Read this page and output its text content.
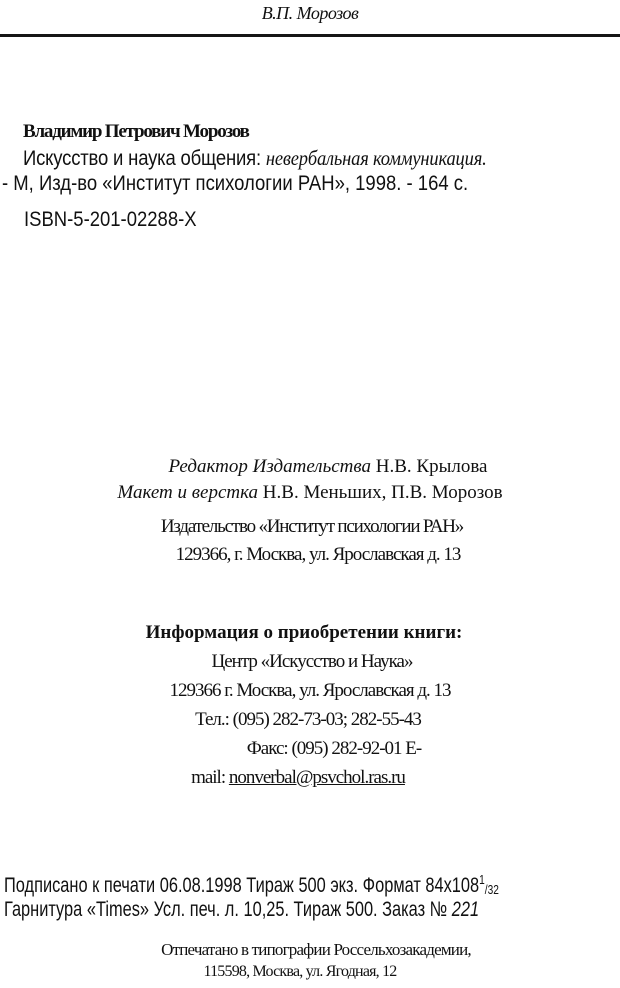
В.П. Морозов
Владимир Петрович Морозов
Искусство и наука общения: невербальная коммуникация.
- М, Изд-во «Институт психологии РАН», 1998. - 164 с.
ISBN-5-201-02288-X
Редактор Издательства Н.В. Крылова
Макет и верстка Н.В. Меньших, П.В. Морозов
Издательство «Институт психологии РАН»
129366, г. Москва, ул. Ярославская д. 13
Информация о приобретении книги:
Центр «Искусство и Наука»
129366 г. Москва, ул. Ярославская д. 13
Тел.: (095) 282-73-03; 282-55-43
Факс: (095) 282-92-01 Е-
mail: nonverbal@psvchol.ras.ru
Подписано к печати 06.08.1998 Тираж 500 экз. Формат $84x108^1_{/32}$
Гарнитура «Times» Усл. печ. л. 10,25. Тираж 500. Заказ № 221
Отпечатано в типографии Россельхозакадемии,
115598, Москва, ул. Ягодная, 12
